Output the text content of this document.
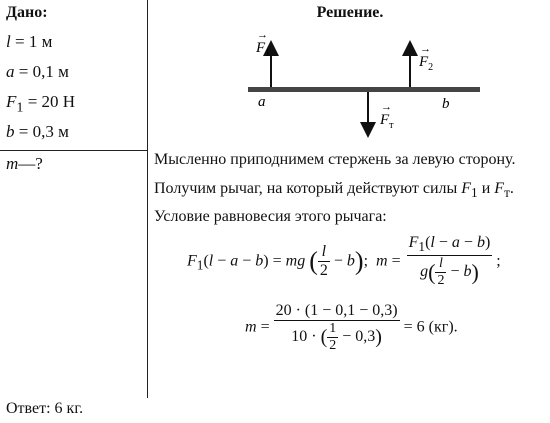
Дано:
l = 1 м
a = 0,1 м
$F_1 = 20$ Н
b = 0,3 м
m—?
Решение.
$F_1$
→
$F_2$
→
$F_т$
→
a	b
Мысленно приподнимем стержень за левую сторону.
Получим рычаг, на который действуют силы $F_1$ и $F_т$.
Условие равновесия этого рычага:
$F_1(l - a - b)$ = mg ( $\frac{l}{2} - b$);  $m = \frac{F_1(l - a - b)}{g( \frac{l}{2} - b)}$ ;
$m = \frac{20 \cdot (1 - 0,1 - 0,3)}{10 \cdot ( \frac{1}{2} - 0,3)} = 6$ (кг).
Ответ: 6 кг.
